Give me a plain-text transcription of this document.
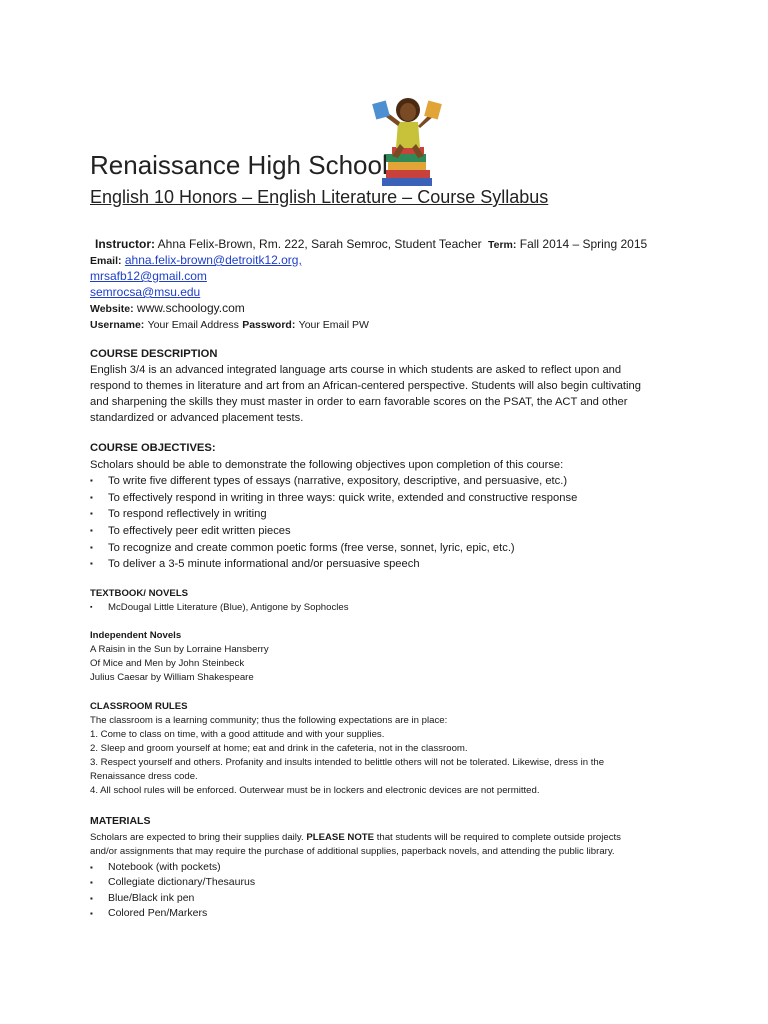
Renaissance High School
English 10 Honors – English Literature – Course Syllabus
Instructor: Ahna Felix-Brown, Rm. 222, Sarah Semroc, Student Teacher Term: Fall 2014 – Spring 2015
Email: ahna.felix-brown@detroitk12.org,
mrsafb12@gmail.com
semrocsa@msu.edu
Website: www.schoology.com
Username: Your Email Address Password: Your Email PW
COURSE DESCRIPTION
English 3/4 is an advanced integrated language arts course in which students are asked to reflect upon and
respond to themes in literature and art from an African-centered perspective. Students will also begin cultivating
and sharpening the skills they must master in order to earn favorable scores on the PSAT, the ACT and other
standardized or advanced placement tests.
COURSE OBJECTIVES:
Scholars should be able to demonstrate the following objectives upon completion of this course:
▪ To write five different types of essays (narrative, expository, descriptive, and persuasive, etc.)
▪ To effectively respond in writing in three ways: quick write, extended and constructive response
▪ To respond reflectively in writing
▪ To effectively peer edit written pieces
▪ To recognize and create common poetic forms (free verse, sonnet, lyric, epic, etc.)
▪ To deliver a 3-5 minute informational and/or persuasive speech
TEXTBOOK/ NOVELS
▪ McDougal Little Literature (Blue), Antigone by Sophocles
Independent Novels
A Raisin in the Sun by Lorraine Hansberry
Of Mice and Men by John Steinbeck
Julius Caesar by William Shakespeare
CLASSROOM RULES
The classroom is a learning community; thus the following expectations are in place:
1. Come to class on time, with a good attitude and with your supplies.
2. Sleep and groom yourself at home; eat and drink in the cafeteria, not in the classroom.
3. Respect yourself and others. Profanity and insults intended to belittle others will not be tolerated. Likewise, dress in the
Renaissance dress code.
4. All school rules will be enforced. Outerwear must be in lockers and electronic devices are not permitted.
MATERIALS
Scholars are expected to bring their supplies daily. PLEASE NOTE that students will be required to complete outside projects
and/or assignments that may require the purchase of additional supplies, paperback novels, and attending the public library.
▪ Notebook (with pockets)
▪ Collegiate dictionary/Thesaurus
▪ Blue/Black ink pen
▪ Colored Pen/Markers
